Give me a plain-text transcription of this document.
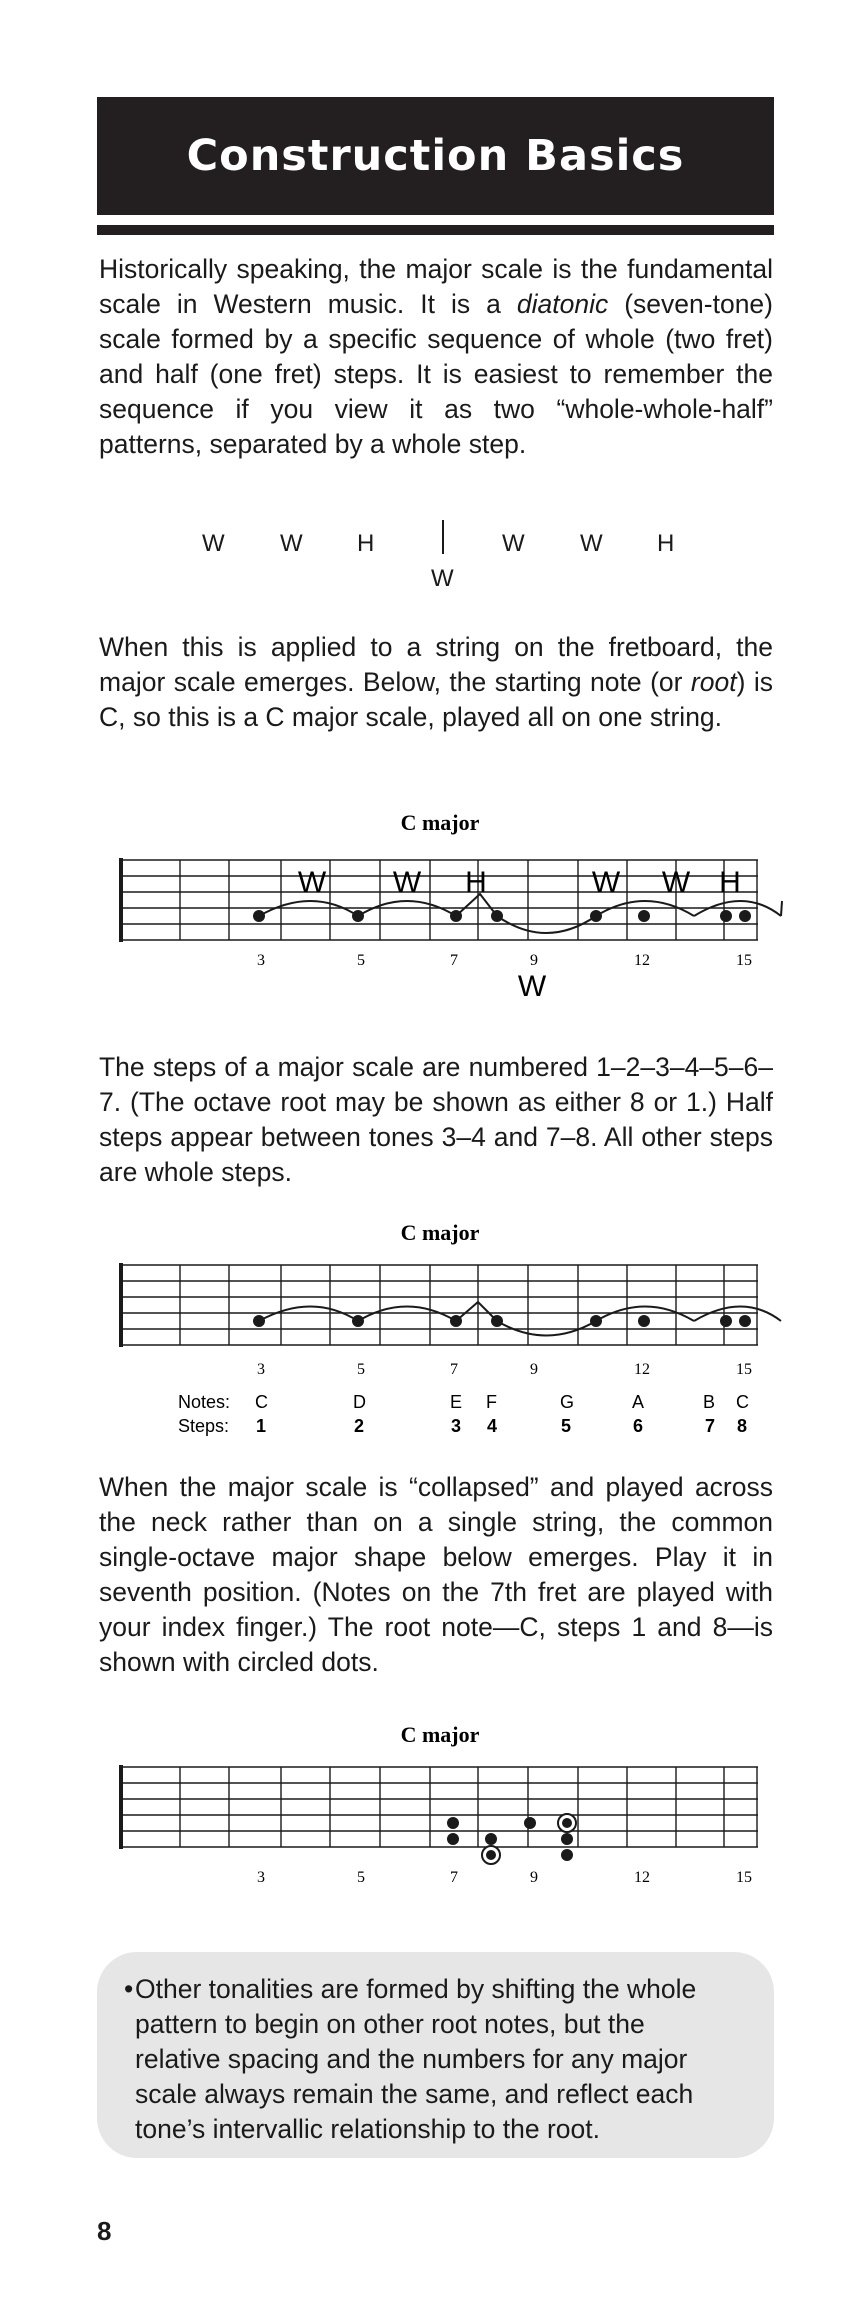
Construction Basics

Historically speaking, the major scale is the fundamental scale in Western music. It is a diatonic (seven-tone) scale formed by a specific sequence of whole (two fret) and half (one fret) steps. It is easiest to remember the sequence if you view it as two “whole-whole-half” patterns, separated by a whole step.

W W H
W
W W H

When this is applied to a string on the fretboard, the major scale emerges. Below, the starting note (or root) is C, so this is a C major scale, played all on one string.

C major
W W H
W
W W H
3	5	7	9	12	15

The steps of a major scale are numbered 1–2–3–4–5–6–7. (The octave root may be shown as either 8 or 1.) Half steps appear between tones 3–4 and 7–8. All other steps are whole steps.

C major
3	5	7	9	12	15
Notes: C	D	E F	G	A	B C
Steps: 1	2	3 4	5	6	7 8

When the major scale is “collapsed” and played across the neck rather than on a single string, the common single-octave major shape below emerges. Play it in seventh position. (Notes on the 7th fret are played with your index finger.) The root note—C, steps 1 and 8—is shown with circled dots.

C major
3	5	7	9	12	15
• Other tonalities are formed by shifting the whole pattern to begin on other root notes, but the relative spacing and the numbers for any major scale always remain the same, and reflect each tone’s intervallic relationship to the root.
8
